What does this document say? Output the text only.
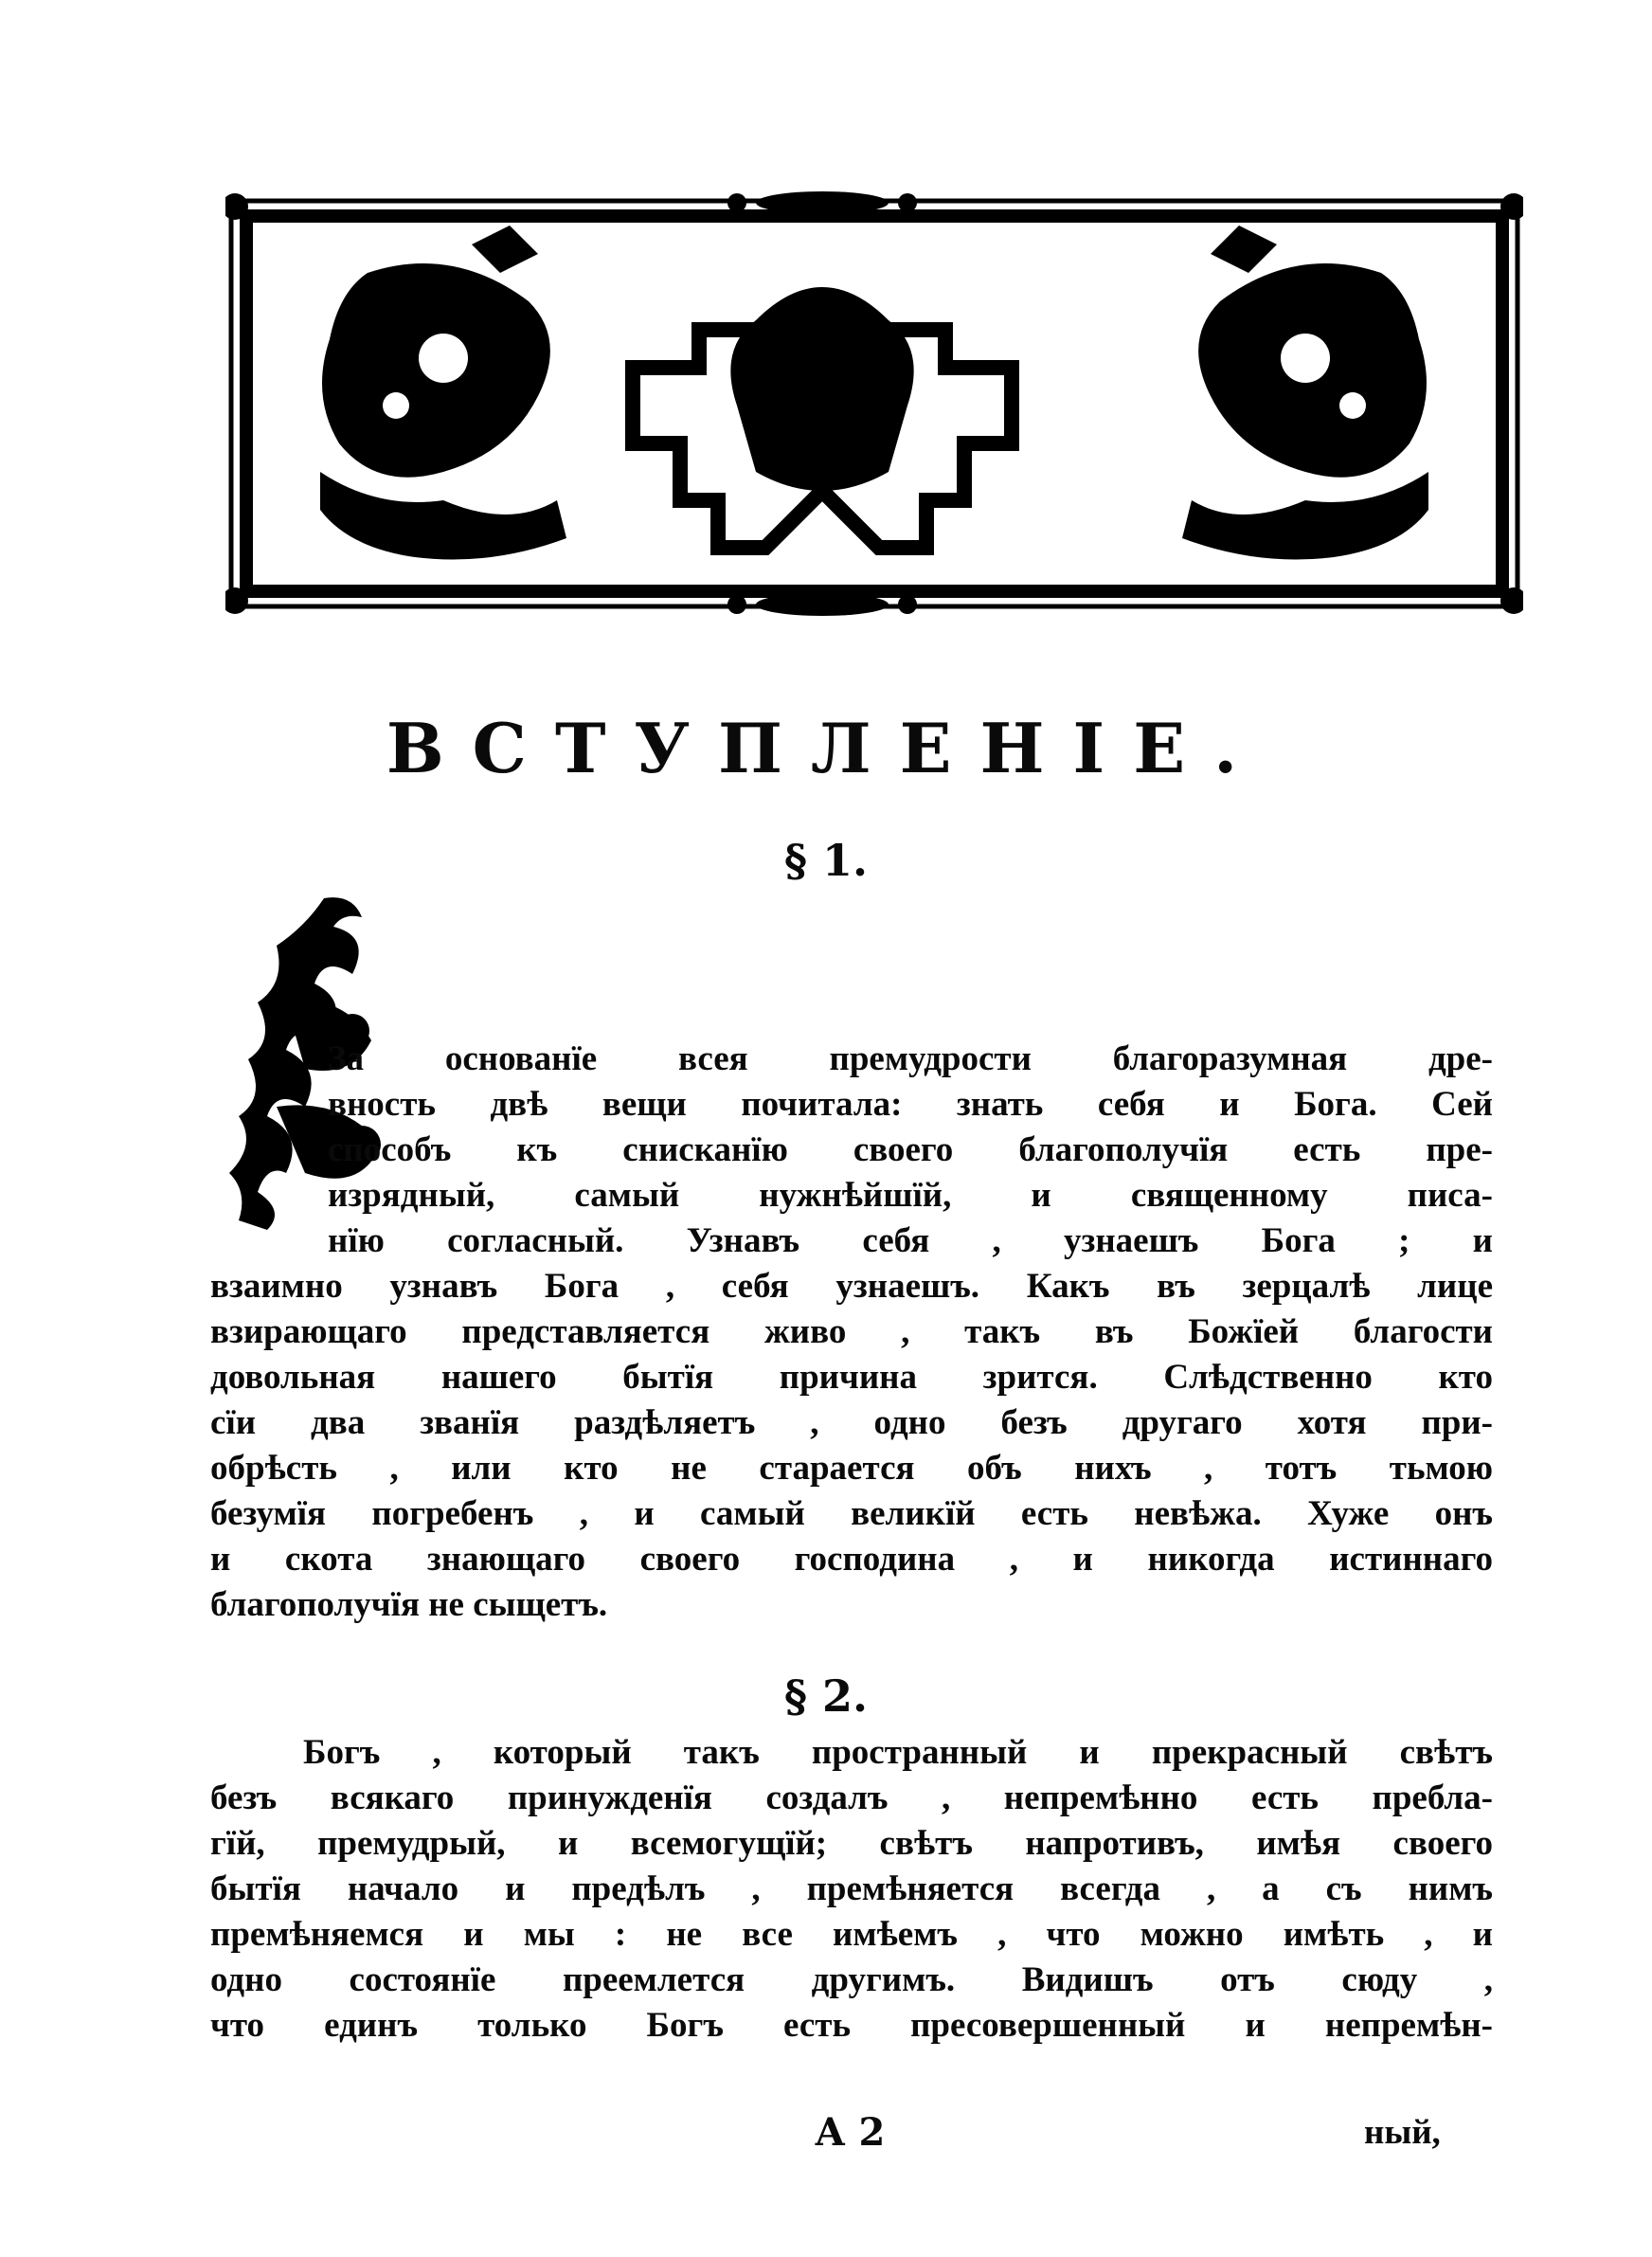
ВСТУПЛЕНІЕ.
§ 1.
За основанїе всея премудрости благоразумная дре-
вность двѣ вещи почитала: знать себя и Бога. Сей
способъ къ снисканїю своего благополучїя есть пре-
изрядный, самый нужнѣйшїй, и священному писа-
нїю согласный. Узнавъ себя , узнаешъ Бога ; и
взаимно узнавъ Бога , себя узнаешъ. Какъ въ зерцалѣ лице
взирающаго представляется живо , такъ въ Божїей благости
довольная нашего бытїя причина зрится. Слѣдственно кто
сїи два званїя раздѣляетъ , одно безъ другаго хотя при-
обрѣсть , или кто не старается объ нихъ , тотъ тьмою
безумїя погребенъ , и самый великїй есть невѣжа. Хуже онъ
и скота знающаго своего господина , и никогда истиннаго
благополучїя не сыщетъ.
§ 2.
Богъ , который такъ пространный и прекрасный свѣтъ
безъ всякаго принужденїя создалъ , непремѣнно есть пребла-
гїй, премудрый, и всемогущїй; свѣтъ напротивъ, имѣя своего
бытїя начало и предѣлъ , премѣняется всегда , а съ нимъ
премѣняемся и мы : не все имѣемъ , что можно имѣть , и
одно состоянїе преемлется другимъ. Видишъ отъ сюду ,
что единъ только Богъ есть пресовершенный и непремѣн-
А 2	ный,
